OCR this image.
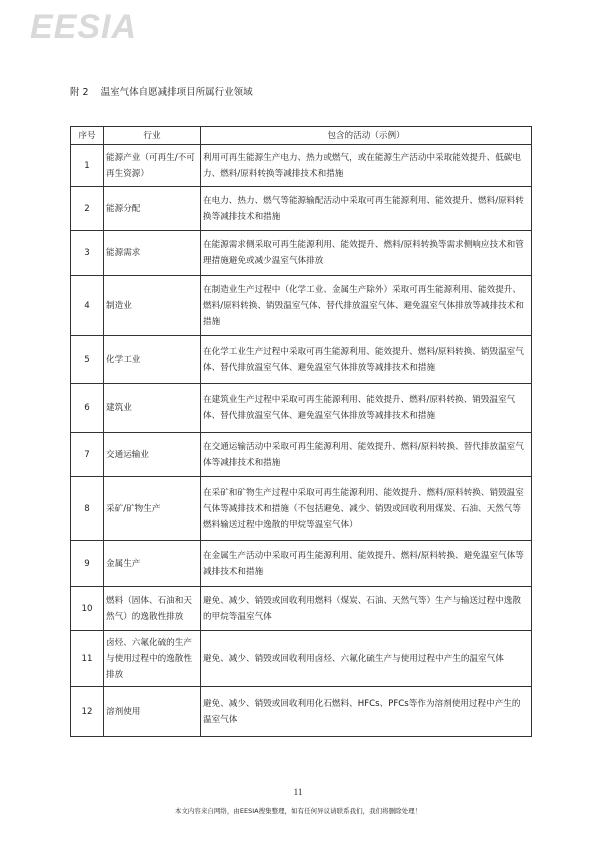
EESIA
附 2 温室气体自愿减排项目所属行业领域
序号	行业	包含的活动（示例）
1	能源产业（可再生/不可再生资源）	利用可再生能源生产电力、热力或燃气，或在能源生产活动中采取能效提升、低碳电力、燃料/原料转换等减排技术和措施
2	能源分配	在电力、热力、燃气等能源输配活动中采取可再生能源利用、能效提升、燃料/原料转换等减排技术和措施
3	能源需求	在能源需求侧采取可再生能源利用、能效提升、燃料/原料转换等需求侧响应技术和管理措施避免或减少温室气体排放
4	制造业	在制造业生产过程中（化学工业、金属生产除外）采取可再生能源利用、能效提升、燃料/原料转换、销毁温室气体、替代排放温室气体、避免温室气体排放等减排技术和措施
5	化学工业	在化学工业生产过程中采取可再生能源利用、能效提升、燃料/原料转换、销毁温室气体、替代排放温室气体、避免温室气体排放等减排技术和措施
6	建筑业	在建筑业生产过程中采取可再生能源利用、能效提升、燃料/原料转换、销毁温室气体、替代排放温室气体、避免温室气体排放等减排技术和措施
7	交通运输业	在交通运输活动中采取可再生能源利用、能效提升、燃料/原料转换、替代排放温室气体等减排技术和措施
8	采矿/矿物生产	在采矿和矿物生产过程中采取可再生能源利用、能效提升、燃料/原料转换、销毁温室气体等减排技术和措施（不包括避免、减少、销毁或回收利用煤炭、石油、天然气等燃料输送过程中逸散的甲烷等温室气体）
9	金属生产	在金属生产活动中采取可再生能源利用、能效提升、燃料/原料转换、避免温室气体等减排技术和措施
10	燃料（固体、石油和天然气）的逸散性排放	避免、减少、销毁或回收利用燃料（煤炭、石油、天然气等）生产与输送过程中逸散的甲烷等温室气体
11	卤烃、六氟化硫的生产与使用过程中的逸散性排放	避免、减少、销毁或回收利用卤烃、六氟化硫生产与使用过程中产生的温室气体
12	溶剂使用	避免、减少、销毁或回收利用化石燃料、HFCs、PFCs等作为溶剂使用过程中产生的温室气体
11
本文内容来自网络，由EESIA搜集整理，如有任何异议请联系我们，我们将删除处理！
